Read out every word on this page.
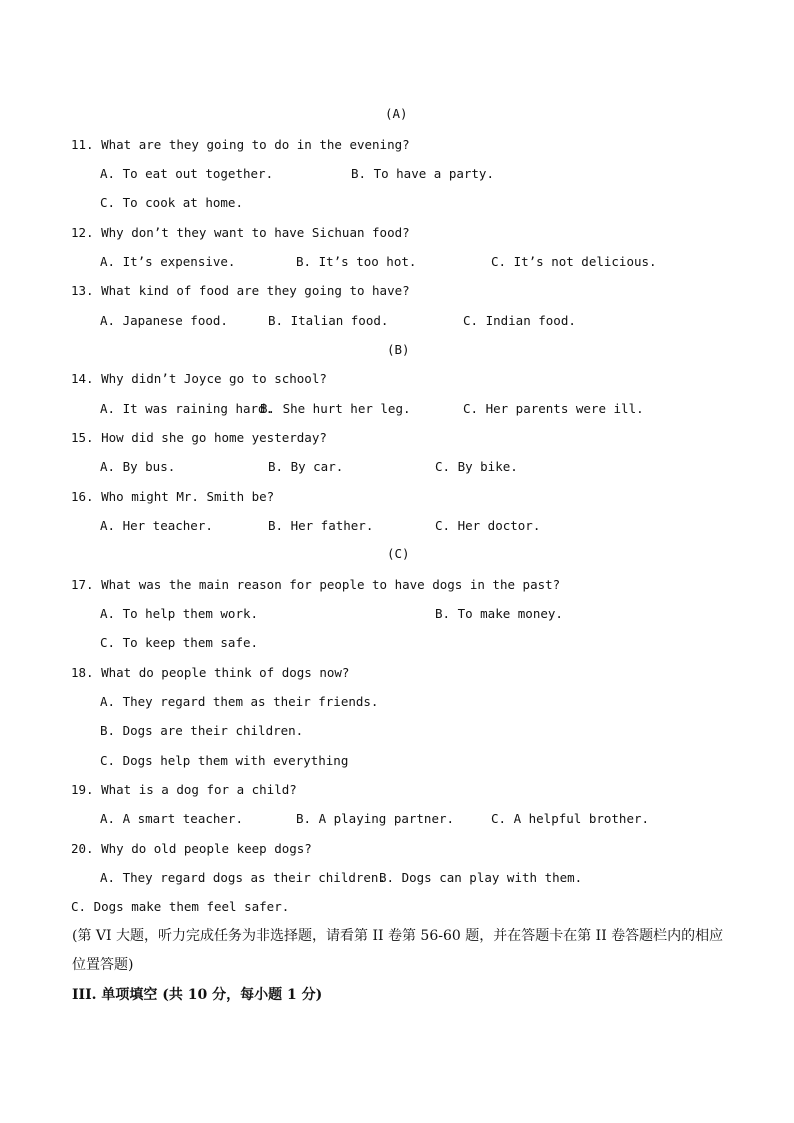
(A)
11. What are they going to do in the evening?
A. To eat out together.	B. To have a party.
C. To cook at home.
12. Why don’t they want to have Sichuan food?
A. It’s expensive.	B. It’s too hot.	C. It’s not delicious.
13. What kind of food are they going to have?
A. Japanese food.	B. Italian food.	C. Indian food.
(B)
14. Why didn’t Joyce go to school?
A. It was raining hard.
B. She hurt her leg.	C. Her parents were ill.
15. How did she go home yesterday?
A. By bus.	B. By car.	C. By bike.
16. Who might Mr. Smith be?
A. Her teacher.	B. Her father.	C. Her doctor.
(C)
17. What was the main reason for people to have dogs in the past?
A. To help them work.	B. To make money.
C. To keep them safe.
18. What do people think of dogs now?
A. They regard them as their friends.
B. Dogs are their children.
C. Dogs help them with everything
19. What is a dog for a child?
A. A smart teacher.	B. A playing partner.	C. A helpful brother.
20. Why do old people keep dogs?
A. They regard dogs as their children.
B. Dogs can play with them.
C. Dogs make them feel safer.
(第 VI 大题，听力完成任务为非选择题，请看第 II 卷第 56-60 题，并在答题卡在第 II 卷答题栏内的相应
位置答题)
III. 单项填空 (共 10 分，每小题 1 分)
